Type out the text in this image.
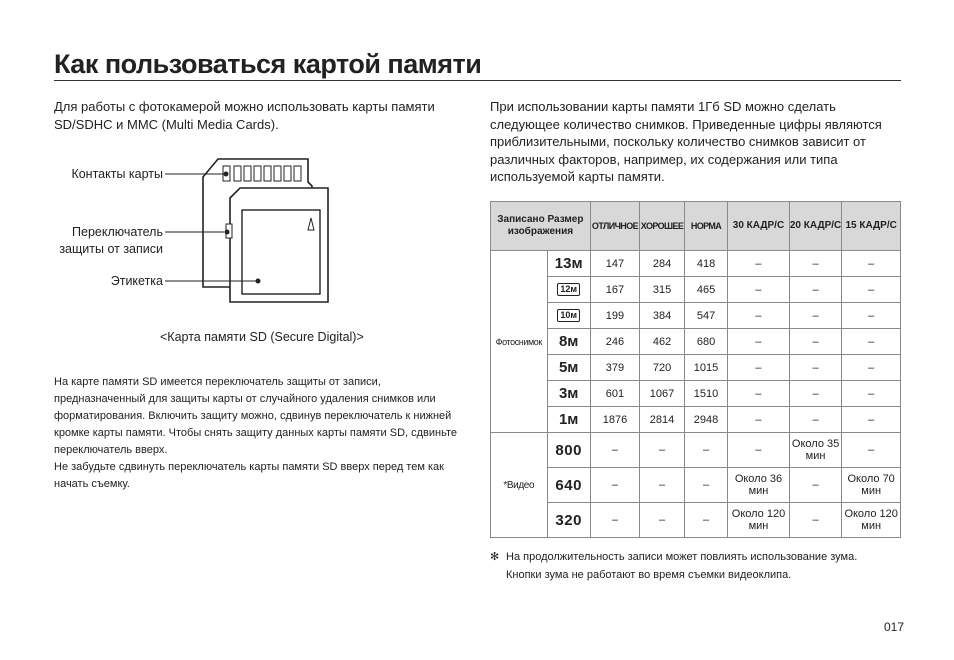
Как пользоваться картой памяти
Для работы с фотокамерой можно использовать карты памяти SD/SDHC и MMC (Multi Media Cards).
При использовании карты памяти 1Гб SD можно сделать следующее количество снимков. Приведенные цифры являются приблизительными, поскольку количество снимков зависит от различных факторов, например, их содержания или типа используемой карты памяти.
Контакты карты
Переключатель защиты от записи
Этикетка
<Карта памяти SD (Secure Digital)>

На карте памяти SD имеется переключатель защиты от записи, предназначенный для защиты карты от случайного удаления снимков или форматирования. Включить защиту можно, сдвинув переключатель к нижней кромке карты памяти. Чтобы снять защиту данных карты памяти SD, сдвиньте переключатель вверх.

Не забудьте сдвинуть переключатель карты памяти SD вверх перед тем как начать съемку.

Записано Размер изображения		ОТЛИЧНОЕ	ХОРОШЕЕ	НОРМА	30 КАДР/С	20 КАДР/С	15 КАДР/С
Фотоснимок	13м	147	284	418	–	–	–
	12м	167	315	465	–	–	–
	10м	199	384	547	–	–	–
	8м	246	462	680	–	–	–
	5м	379	720	1015	–	–	–
	3м	601	1067	1510	–	–	–
	1м	1876	2814	2948	–	–	–
*Видео	800	–	–	–	–	Около 35 мин	–
	640	–	–	–	Около 36 мин	–	Около 70 мин
	320	–	–	–	Около 120 мин	–	Около 120 мин
✻ На продолжительность записи может повлиять использование зума.
Кнопки зума не работают во время съемки видеоклипа.
017
